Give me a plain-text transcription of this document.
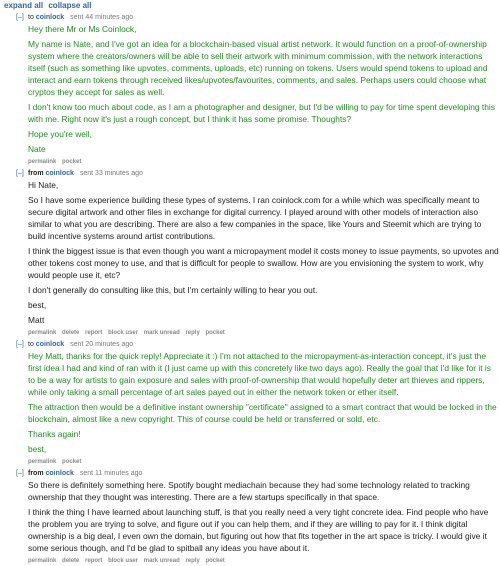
expand all collapse all
[–] to coinlock sent 44 minutes ago

Hey there Mr or Ms Coinlock,

My name is Nate, and I've got an idea for a blockchain-based visual artist network. It would function on a proof-of-ownership system where the creators/owners will be able to sell their artwork with minimum commission, with the network interactions itself (such as something like upvotes, comments, uploads, etc) running on tokens. Users would spend tokens to upload and interact and earn tokens through received likes/upvotes/favourites, comments, and sales. Perhaps users could choose what cryptos they accept for sales as well.

I don't know too much about code, as I am a photographer and designer, but I'd be willing to pay for time spent developing this with me. Right now it's just a rough concept, but I think it has some promise. Thoughts?

Hope you're well,

Nate

permalink pocket
[–] from coinlock sent 33 minutes ago

Hi Nate,

So I have some experience building these types of systems. I ran coinlock.com for a while which was specifically meant to secure digital artwork and other files in exchange for digital currency. I played around with other models of interaction also similar to what you are describing. There are also a few companies in the space, like Yours and Steemit which are trying to build incentive systems around artist contributions.

I think the biggest issue is that even though you want a micropayment model it costs money to issue payments, so upvotes and other tokens cost money to use, and that is difficult for people to swallow. How are you envisioning the system to work, why would people use it, etc?

I don't generally do consulting like this, but I'm certainly willing to hear you out.

best,

Matt

permalink delete report block user mark unread reply pocket
[–] to coinlock sent 20 minutes ago

Hey Matt, thanks for the quick reply! Appreciate it :) I'm not attached to the micropayment-as-interaction concept, it's just the first idea I had and kind of ran with it (I just came up with this concretely like two days ago). Really the goal that I'd like for it is to be a way for artists to gain exposure and sales with proof-of-ownership that would hopefully deter art thieves and rippers, while only taking a small percentage of art sales payed out in either the network token or ether itself.

The attraction then would be a definitive instant ownership "certificate" assigned to a smart contract that would be locked in the blockchain, almost like a new copyright. This of course could be held or transferred or sold, etc.

Thanks again!

best,

permalink pocket
[–] from coinlock sent 11 minutes ago

So there is definitely something here. Spotify bought mediachain because they had some technology related to tracking ownership that they thought was interesting. There are a few startups specifically in that space.

I think the thing I have learned about launching stuff, is that you really need a very tight concrete idea. Find people who have the problem you are trying to solve, and figure out if you can help them, and if they are willing to pay for it. I think digital ownership is a big deal, I even own the domain, but figuring out how that fits together in the art space is tricky. I would give it some serious though, and I'd be glad to spitball any ideas you have about it.

permalink delete report block user mark unread reply pocket
